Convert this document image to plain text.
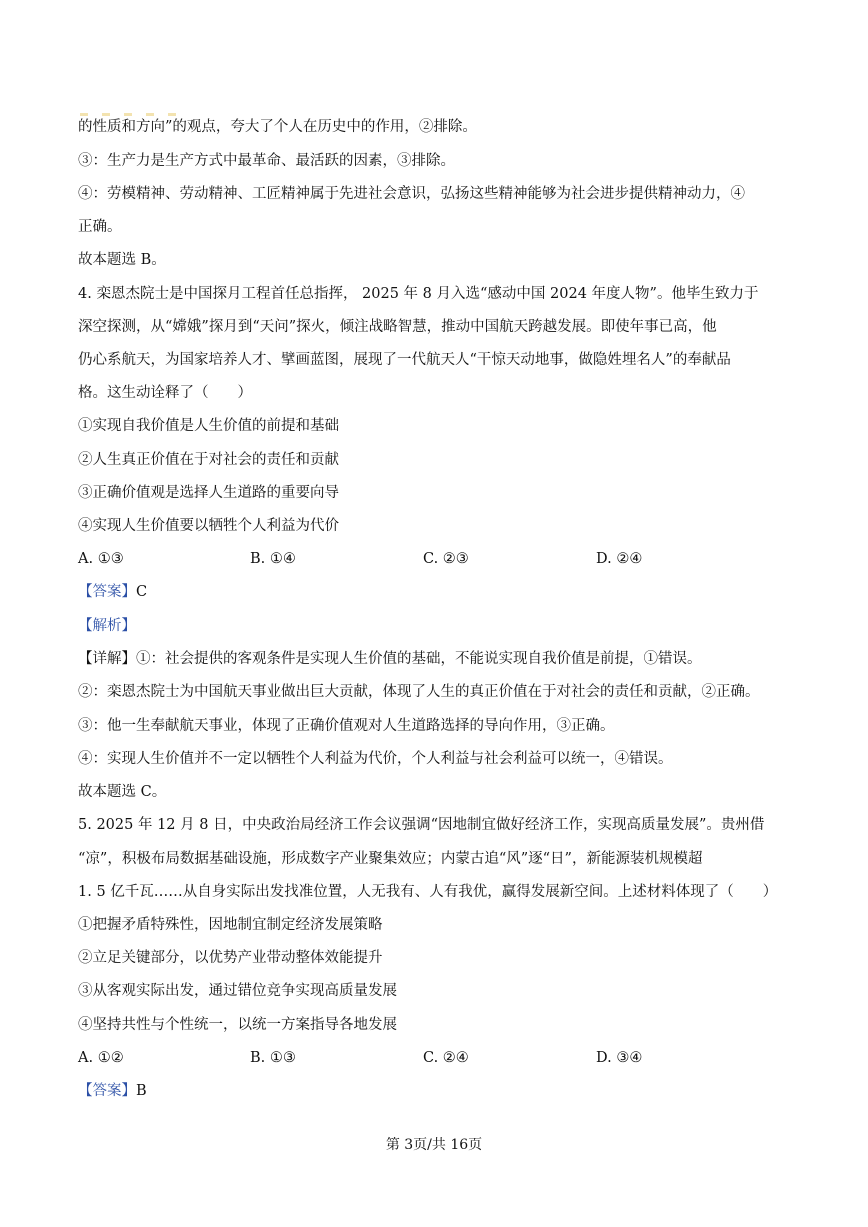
的性质和方向”的观点，夸大了个人在历史中的作用，②排除。
③：生产力是生产方式中最革命、最活跃的因素，③排除。
④：劳模精神、劳动精神、工匠精神属于先进社会意识，弘扬这些精神能够为社会进步提供精神动力，④
正确。
故本题选 B。
4. 栾恩杰院士是中国探月工程首任总指挥， 2025 年 8 月入选“感动中国 2024 年度人物”。他毕生致力于
深空探测，从“嫦娥”探月到“天问”探火，倾注战略智慧，推动中国航天跨越发展。即使年事已高，他
仍心系航天，为国家培养人才、擘画蓝图，展现了一代航天人“干惊天动地事，做隐姓埋名人”的奉献品
格。这生动诠释了（　　）
①实现自我价值是人生价值的前提和基础
②人生真正价值在于对社会的责任和贡献
③正确价值观是选择人生道路的重要向导
④实现人生价值要以牺牲个人利益为代价
A. ①③	B. ①④	C. ②③	D. ②④
【答案】C
【解析】
【详解】①：社会提供的客观条件是实现人生价值的基础，不能说实现自我价值是前提，①错误。
②：栾恩杰院士为中国航天事业做出巨大贡献，体现了人生的真正价值在于对社会的责任和贡献，②正确。
③：他一生奉献航天事业，体现了正确价值观对人生道路选择的导向作用，③正确。
④：实现人生价值并不一定以牺牲个人利益为代价，个人利益与社会利益可以统一，④错误。
故本题选 C。
5. 2025 年 12 月 8 日，中央政治局经济工作会议强调“因地制宜做好经济工作，实现高质量发展”。贵州借
“凉”，积极布局数据基础设施，形成数字产业聚集效应；内蒙古追“风”逐“日”，新能源装机规模超
1. 5 亿千瓦……从自身实际出发找准位置，人无我有、人有我优，赢得发展新空间。上述材料体现了（　　）
①把握矛盾特殊性，因地制宜制定经济发展策略
②立足关键部分，以优势产业带动整体效能提升
③从客观实际出发，通过错位竞争实现高质量发展
④坚持共性与个性统一，以统一方案指导各地发展
A. ①②	B. ①③	C. ②④	D. ③④
【答案】B
第 3页/共 16页
